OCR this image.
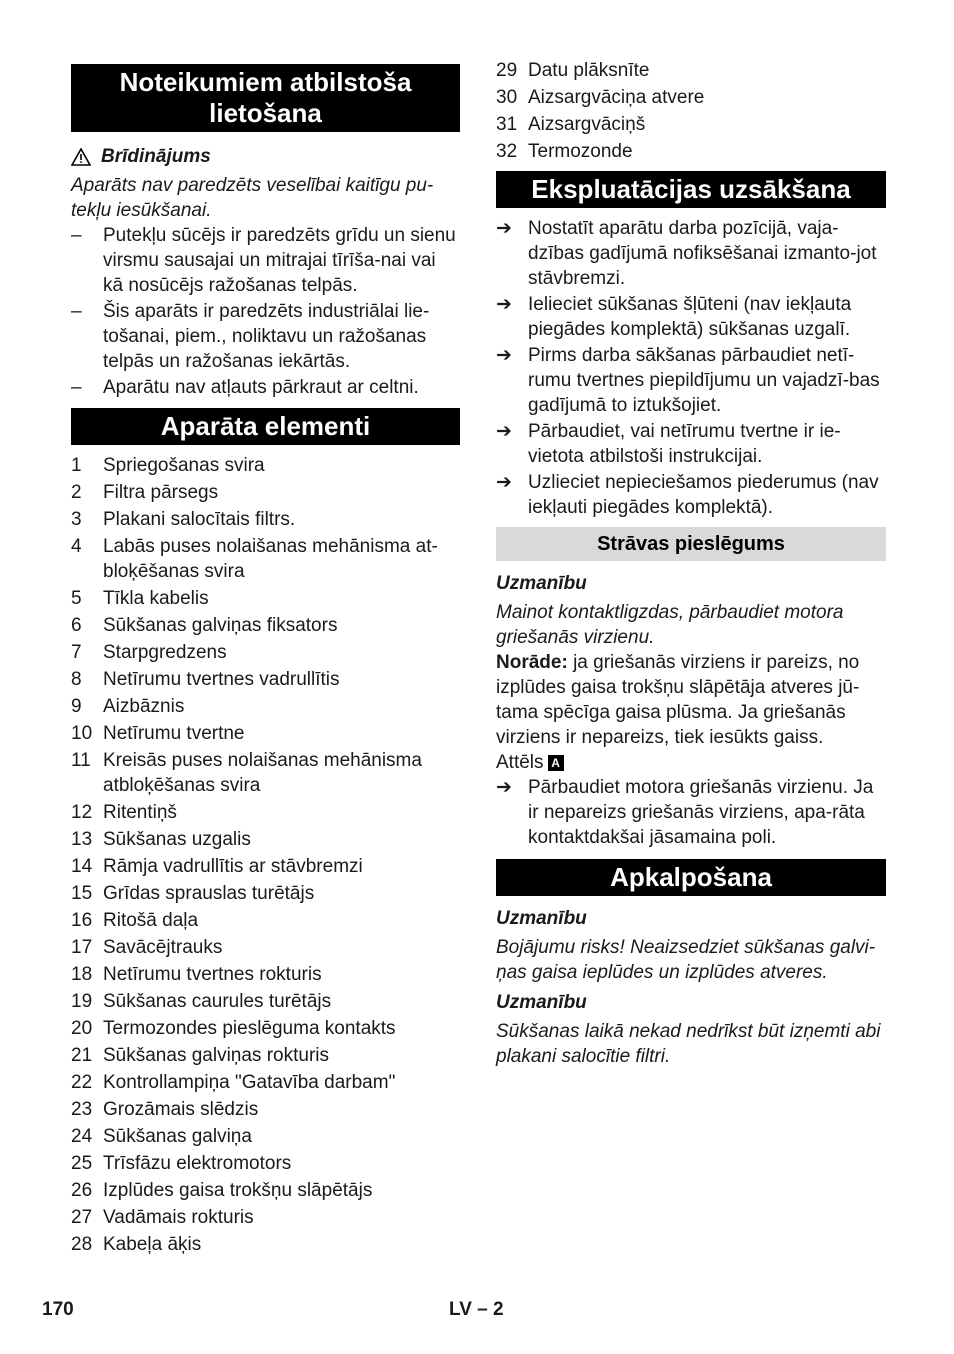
Noteikumiem atbilstoša lietošana
Brīdinājums

Aparāts nav paredzēts veselībai kaitīgu pu-tekļu iesūkšanai.

–	Putekļu sūcējs ir paredzēts grīdu un sienu virsmu sausajai un mitrajai tīrīša-nai vai kā nosūcējs ražošanas telpās.
–	Šis aparāts ir paredzēts industriālai lie-tošanai, piem., noliktavu un ražošanas telpās un ražošanas iekārtās.
–	Aparātu nav atļauts pārkraut ar celtni.
Aparāta elementi
1	Spriegošanas svira
2	Filtra pārsegs
3	Plakani salocītais filtrs.
4	Labās puses nolaišanas mehānisma at-bloķēšanas svira
5	Tīkla kabelis
6	Sūkšanas galviņas fiksators
7	Starpgredzens
8	Netīrumu tvertnes vadrullītis
9	Aizbāznis
10 Netīrumu tvertne
11 Kreisās puses nolaišanas mehānisma atbloķēšanas svira
12 Ritentiņš
13 Sūkšanas uzgalis
14 Rāmja vadrullītis ar stāvbremzi
15 Grīdas sprauslas turētājs
16 Ritošā daļa
17 Savācējtrauks
18 Netīrumu tvertnes rokturis
19 Sūkšanas caurules turētājs
20 Termozondes pieslēguma kontakts
21 Sūkšanas galviņas rokturis
22 Kontrollampiņa "Gatavība darbam"
23 Grozāmais slēdzis
24 Sūkšanas galviņa
25 Trīsfāzu elektromotors
26 Izplūdes gaisa trokšņu slāpētājs
27 Vadāmais rokturis
28 Kabeļa āķis
29 Datu plāksnīte
30 Aizsargvāciņa atvere
31 Aizsargvāciņš
32 Termozonde
Ekspluatācijas uzsākšana
➔ Nostatīt aparātu darba pozīcijā, vaja-dzības gadījumā nofiksēšanai izmanto-jot stāvbremzi.
➔ Ielieciet sūkšanas šļūteni (nav iekļauta piegādes komplektā) sūkšanas uzgalī.
➔ Pirms darba sākšanas pārbaudiet netī-rumu tvertnes piepildījumu un vajadzī-bas gadījumā to iztukšojiet.
➔ Pārbaudiet, vai netīrumu tvertne ir ie-vietota atbilstoši instrukcijai.
➔ Uzlieciet nepieciešamos piederumus (nav iekļauti piegādes komplektā).
Strāvas pieslēgums

Uzmanību

Mainot kontaktligzdas, pārbaudiet motora griešanās virzienu.

Norāde: ja griešanās virziens ir pareizs, no izplūdes gaisa trokšņu slāpētāja atveres jū-tama spēcīga gaisa plūsma. Ja griešanās virziens ir nepareizs, tiek iesūkts gaiss.

Attēls A

➔ Pārbaudiet motora griešanās virzienu. Ja ir nepareizs griešanās virziens, apa-rāta kontaktdakšai jāsamaina poli.
Apkalpošana

Uzmanību

Bojājumu risks! Neaizsedziet sūkšanas galvi-ņas gaisa ieplūdes un izplūdes atveres.

Uzmanību

Sūkšanas laikā nekad nedrīkst būt izņemti abi plakani salocītie filtri.

170	LV – 2
